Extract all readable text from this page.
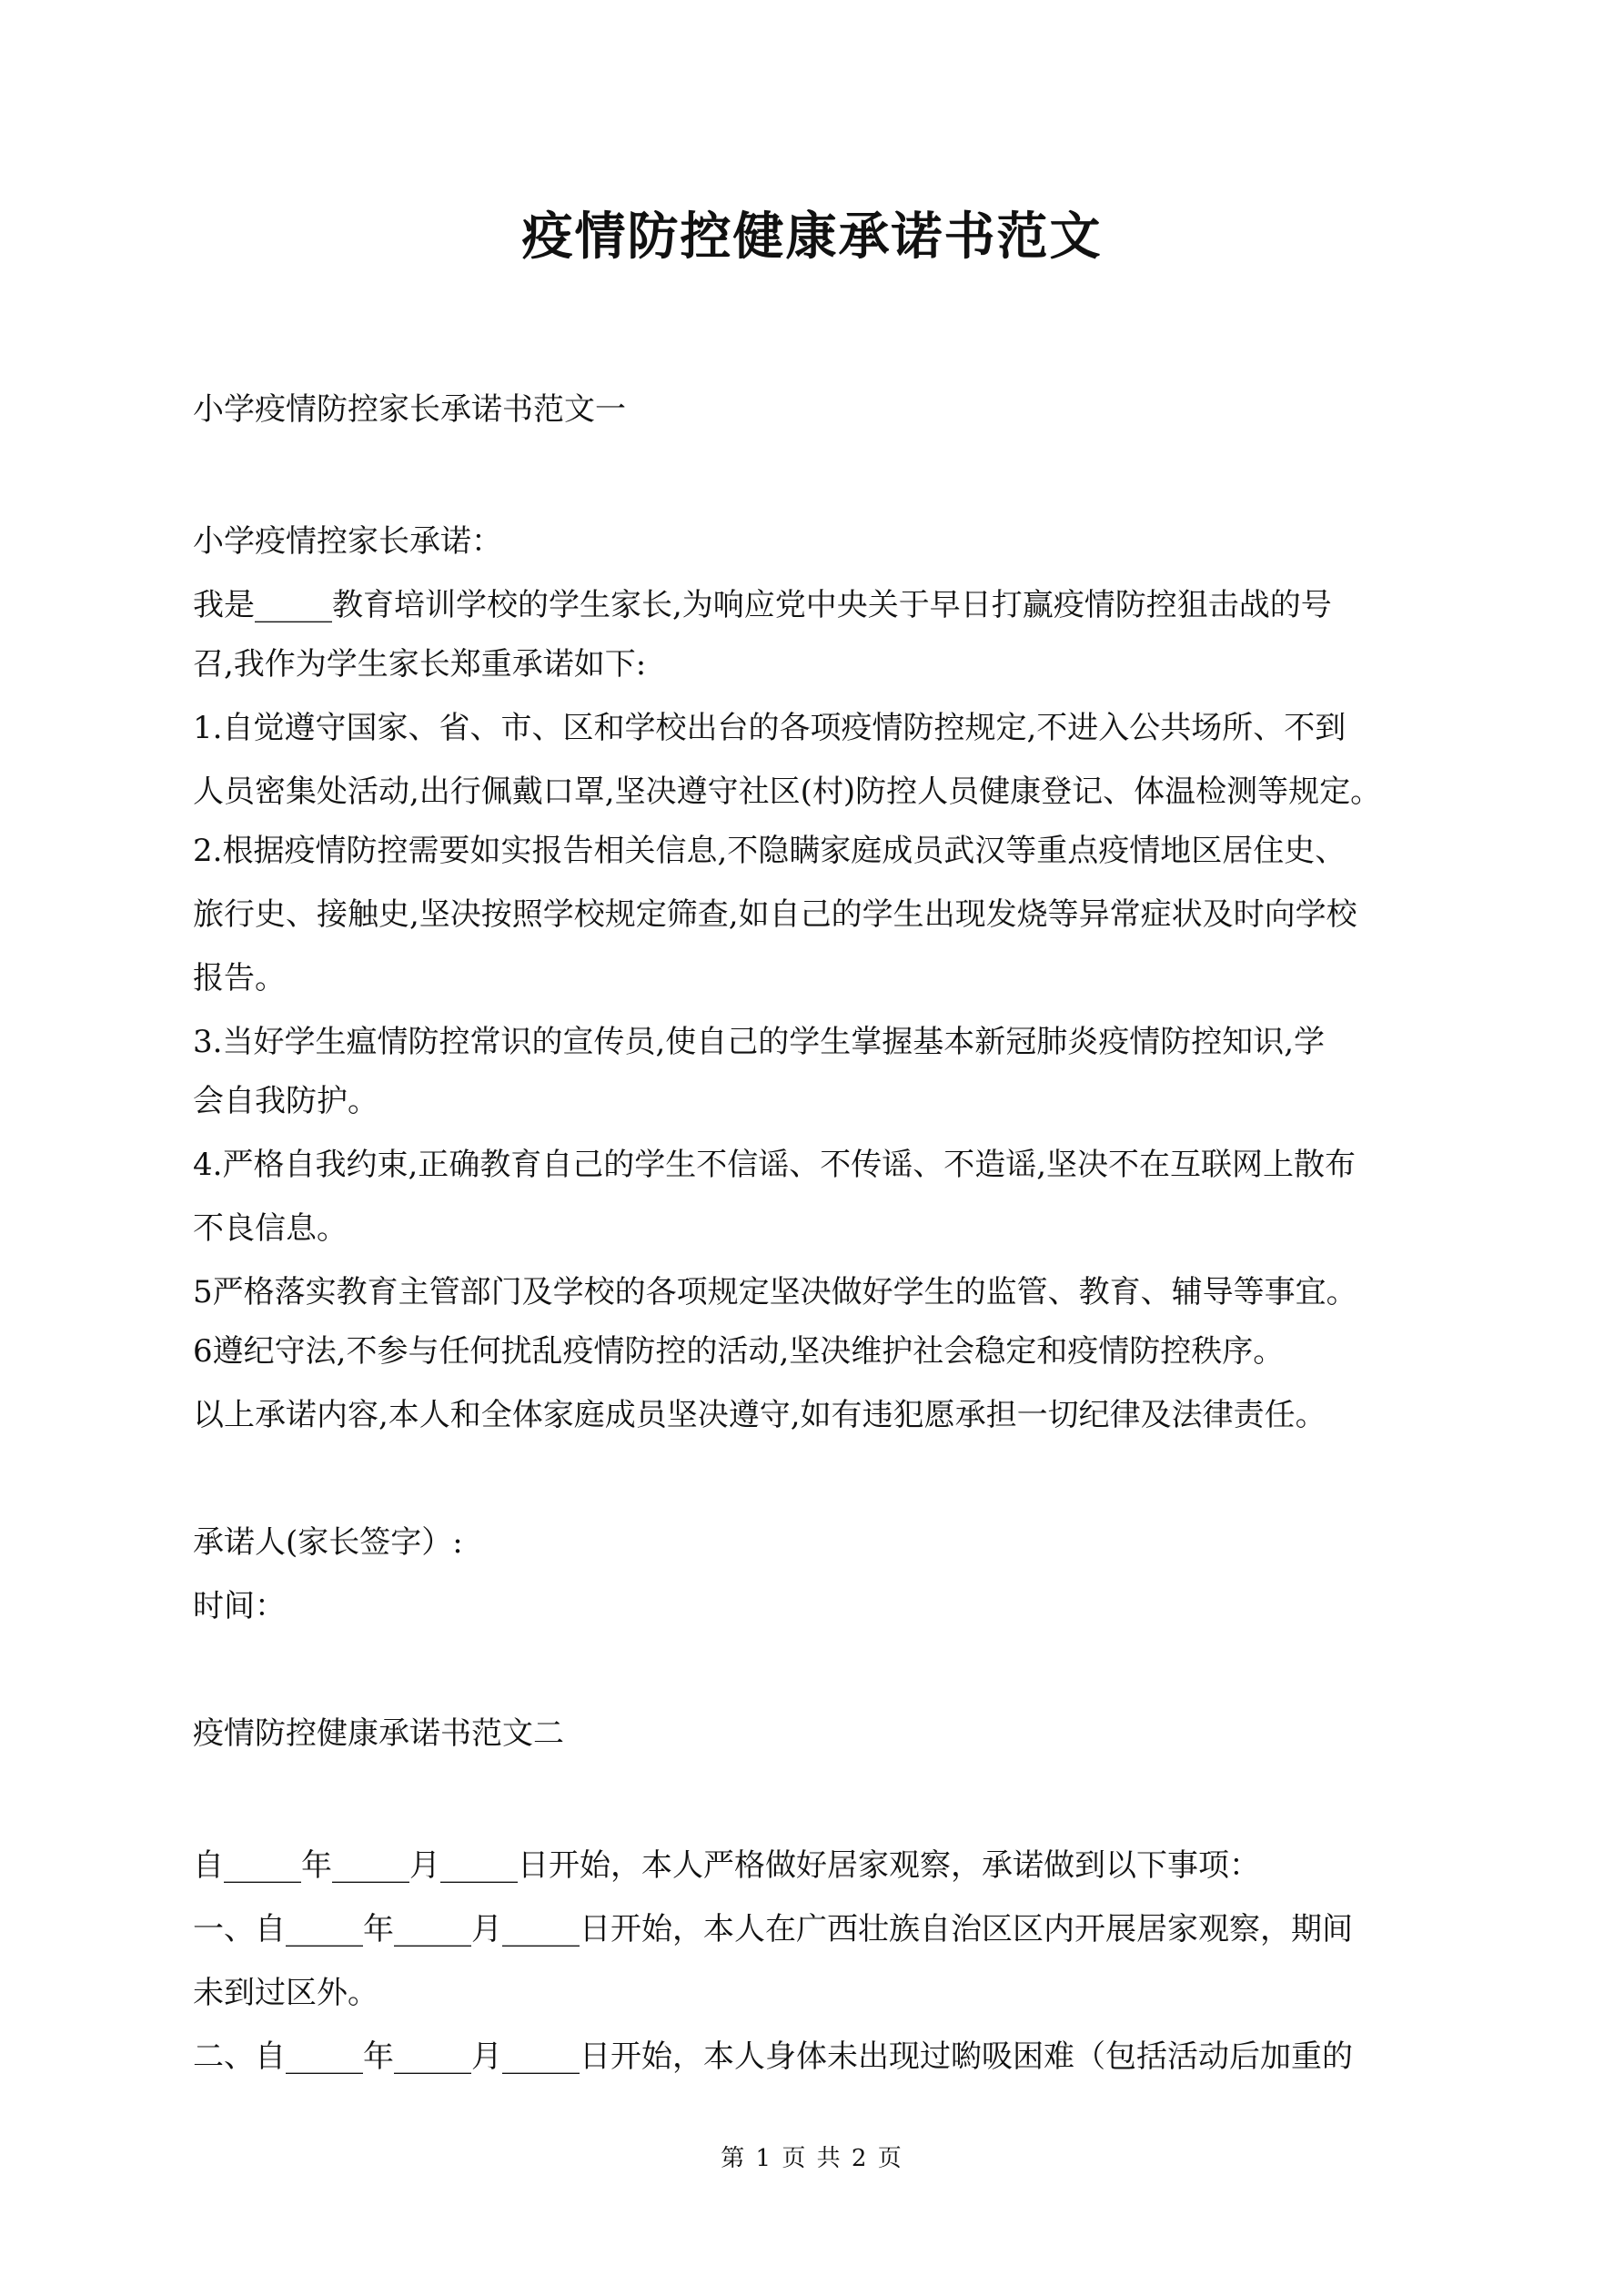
疫情防控健康承诺书范文

小学疫情防控家长承诺书范文一

小学疫情控家长承诺：

我是_____教育培训学校的学生家长,为响应党中央关于早日打赢疫情防控狙击战的号

召,我作为学生家长郑重承诺如下:

1.自觉遵守国家、省、市、区和学校出台的各项疫情防控规定,不进入公共场所、不到

人员密集处活动,出行佩戴口罩,坚决遵守社区(村)防控人员健康登记、体温检测等规定。

2.根据疫情防控需要如实报告相关信息,不隐瞒家庭成员武汉等重点疫情地区居住史、

旅行史、接触史,坚决按照学校规定筛查,如自己的学生出现发烧等异常症状及时向学校

报告。

3.当好学生瘟情防控常识的宣传员,使自己的学生掌握基本新冠肺炎疫情防控知识,学

会自我防护。

4.严格自我约束,正确教育自己的学生不信谣、不传谣、不造谣,坚决不在互联网上散布

不良信息。

5严格落实教育主管部门及学校的各项规定坚决做好学生的监管、教育、辅导等事宜。

6遵纪守法,不参与任何扰乱疫情防控的活动,坚决维护社会稳定和疫情防控秩序。

以上承诺内容,本人和全体家庭成员坚决遵守,如有违犯愿承担一切纪律及法律责任。

承诺人(家长签字）:

时间：

疫情防控健康承诺书范文二

自_____年_____月_____日开始，本人严格做好居家观察，承诺做到以下事项：

一、自_____年_____月_____日开始，本人在广西壮族自治区区内开展居家观察，期间

未到过区外。

二、自_____年_____月_____日开始，本人身体未出现过喲吸困难（包括活动后加重的

第 1 页 共 2 页
